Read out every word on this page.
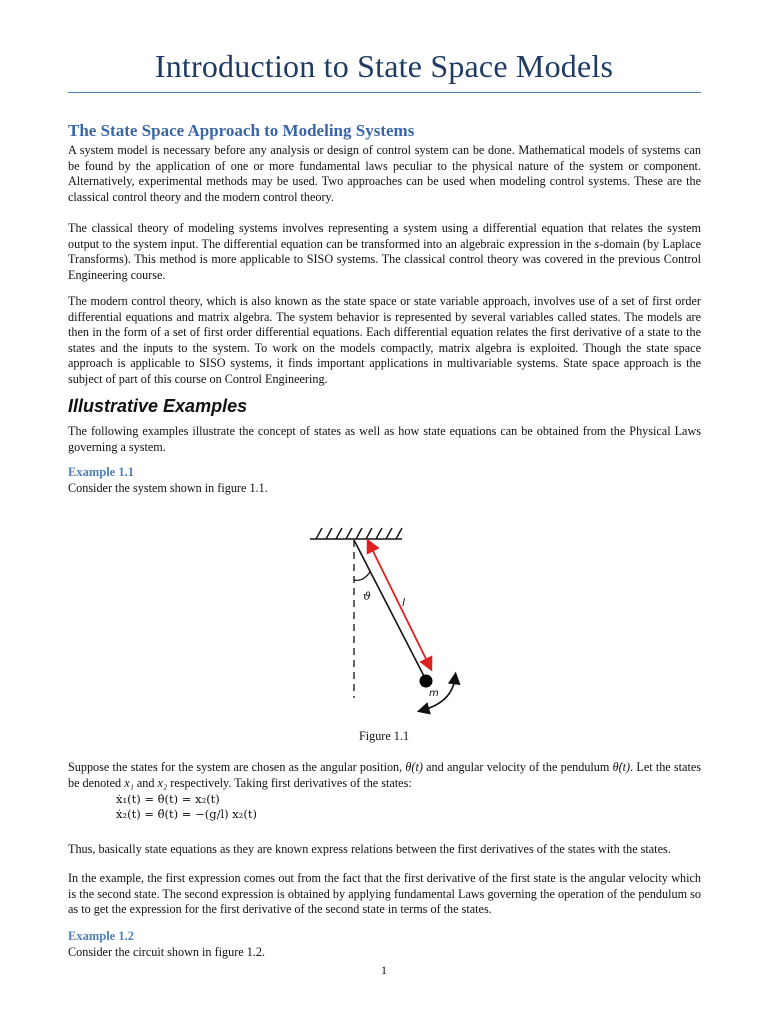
Introduction to State Space Models
The State Space Approach to Modeling Systems
A system model is necessary before any analysis or design of control system can be done. Mathematical models of systems can be found by the application of one or more fundamental laws peculiar to the physical nature of the system or component. Alternatively, experimental methods may be used. Two approaches can be used when modeling control systems. These are the classical control theory and the modern control theory.
The classical theory of modeling systems involves representing a system using a differential equation that relates the system output to the system input. The differential equation can be transformed into an algebraic expression in the s-domain (by Laplace Transforms). This method is more applicable to SISO systems. The classical control theory was covered in the previous Control Engineering course.
The modern control theory, which is also known as the state space or state variable approach, involves use of a set of first order differential equations and matrix algebra. The system behavior is represented by several variables called states. The models are then in the form of a set of first order differential equations. Each differential equation relates the first derivative of a state to the states and the inputs to the system. To work on the models compactly, matrix algebra is exploited. Though the state space approach is applicable to SISO systems, it finds important applications in multivariable systems. State space approach is the subject of part of this course on Control Engineering.
Illustrative Examples
The following examples illustrate the concept of states as well as how state equations can be obtained from the Physical Laws governing a system.
Example 1.1
Consider the system shown in figure 1.1.
ϑ	l
m
Figure 1.1
Suppose the states for the system are chosen as the angular position, θ(t) and angular velocity of the pendulum θ̇(t). Let the states be denoted x₁ and x₂ respectively. Taking first derivatives of the states:
ẋ₁(t) = θ̇(t) = x₂(t)
ẋ₂(t) = θ̈(t) = −(g/l) x₂(t)
Thus, basically state equations as they are known express relations between the first derivatives of the states with the states.
In the example, the first expression comes out from the fact that the first derivative of the first state is the angular velocity which is the second state. The second expression is obtained by applying fundamental Laws governing the operation of the pendulum so as to get the expression for the first derivative of the second state in terms of the states.
Example 1.2
Consider the circuit shown in figure 1.2.
1
